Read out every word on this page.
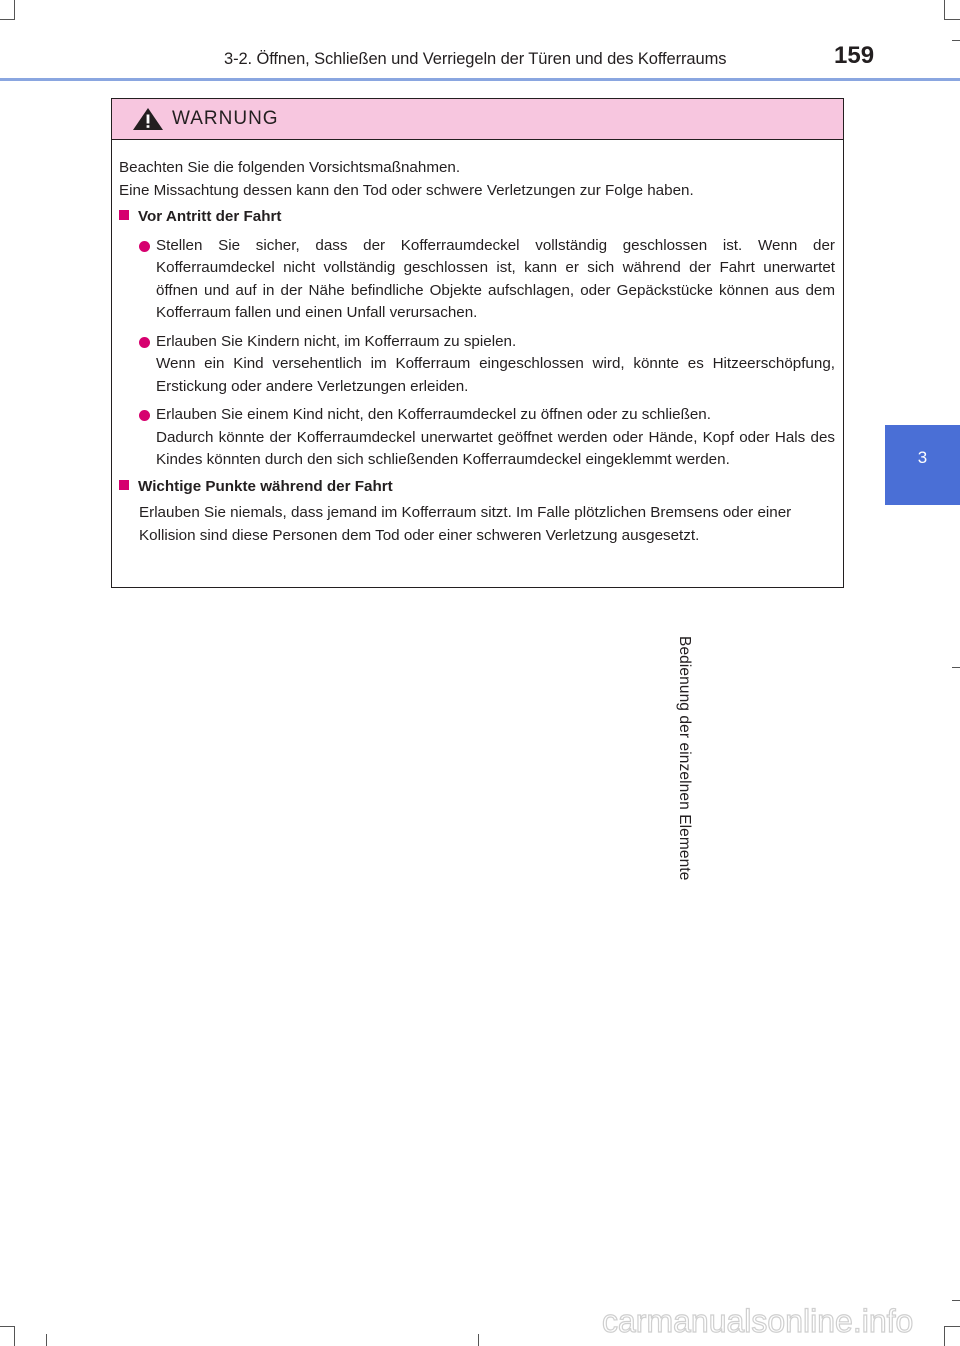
3-2. Öffnen, Schließen und Verriegeln der Türen und des Kofferraums	159
3
Bedienung der einzelnen Elemente
WARNUNG

Beachten Sie die folgenden Vorsichtsmaßnahmen.

Eine Missachtung dessen kann den Tod oder schwere Verletzungen zur Folge haben.

Vor Antritt der Fahrt
Stellen Sie sicher, dass der Kofferraumdeckel vollständig geschlossen ist. Wenn der Kofferraumdeckel nicht vollständig geschlossen ist, kann er sich während der Fahrt unerwartet öffnen und auf in der Nähe befindliche Objekte aufschlagen, oder Gepäckstücke können aus dem Kofferraum fallen und einen Unfall verursachen.
Erlauben Sie Kindern nicht, im Kofferraum zu spielen.
Wenn ein Kind versehentlich im Kofferraum eingeschlossen wird, könnte es Hitzeerschöpfung, Erstickung oder andere Verletzungen erleiden.
Erlauben Sie einem Kind nicht, den Kofferraumdeckel zu öffnen oder zu schließen.
Dadurch könnte der Kofferraumdeckel unerwartet geöffnet werden oder Hände, Kopf oder Hals des Kindes könnten durch den sich schließenden Kofferraumdeckel eingeklemmt werden.
Wichtige Punkte während der Fahrt
Erlauben Sie niemals, dass jemand im Kofferraum sitzt. Im Falle plötzlichen Bremsens oder einer Kollision sind diese Personen dem Tod oder einer schweren Verletzung ausgesetzt.
carmanualsonline.info
